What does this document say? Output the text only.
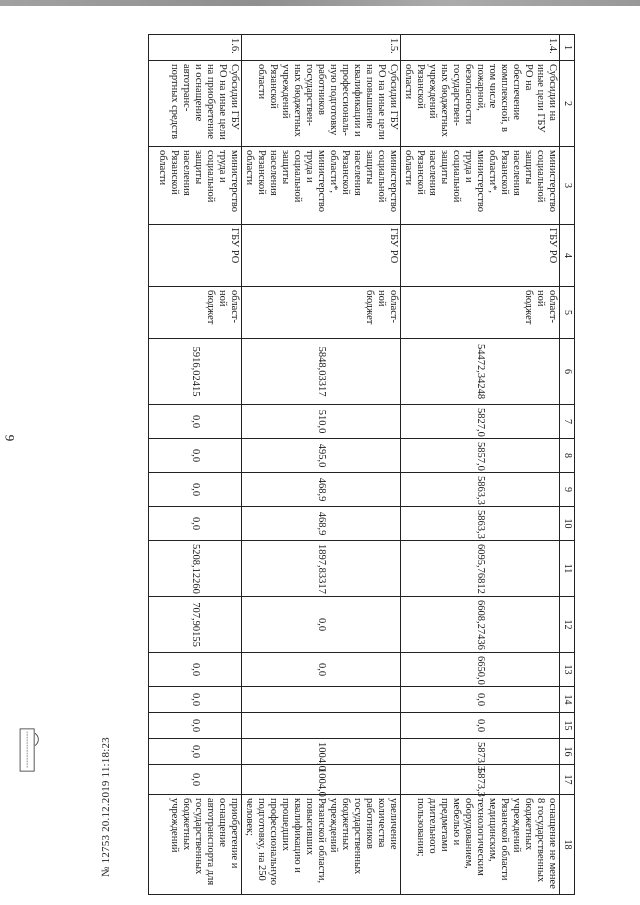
9
№ 12753 20.12.2019 11:18:23
1	2	3	4	5	6	7	8	9	10	11	12	13	14	15	16	17	18
1.4.	Субсидии на иные цели ГБУ РО на обеспечение комплексной, в том числе пожарной, безопасности государствен-ных бюджетных учреждений Рязанской области	министерство социальной защиты населения Рязанской области*, министерство труда и социальной защиты населения Рязанской области	ГБУ РО	област-ной бюджет	54472,34248	5827,0	5857,0	5863,3	5863,3	6095,76812	6608,27436	6650,0	0,0	0,0	5873,3	5873,3	оснащение не менее 8 государственных бюджетных учреждений Рязанской области медицинским, технологическим оборудованием, мебелью и предметами длительного пользования;
1.5.	Субсидии ГБУ РО на иные цели на повышение квалификации и профессиональ-ную подготовку работников государствен-ных бюджетных учреждений Рязанской области	министерство социальной защиты населения Рязанской области*, министерство труда и социальной защиты населения Рязанской области	ГБУ РО	област-ной бюджет	5848,03317	510,0	495,0	468,9	468,9	1897,83317	0,0	0,0			1004,0	1004,0	увеличение количества работников государственных бюджетных учреждений Рязанской области, повысивших квалификацию и прошедших профессиональную подготовку, на 250 человек;
1.6.	Субсидии ГБУ РО на иные цели на приобретение и оснащение автотранс-портных средств	министерство труда и социальной защиты населения Рязанской области	ГБУ РО	област-ной бюджет	5916,02415	0,0	0,0	0,0	0,0	5208,12260	707,90155	0,0	0,0	0,0	0,0	0,0	приобретение и оснащение автотранспорта для государственных бюджетных учреждений
